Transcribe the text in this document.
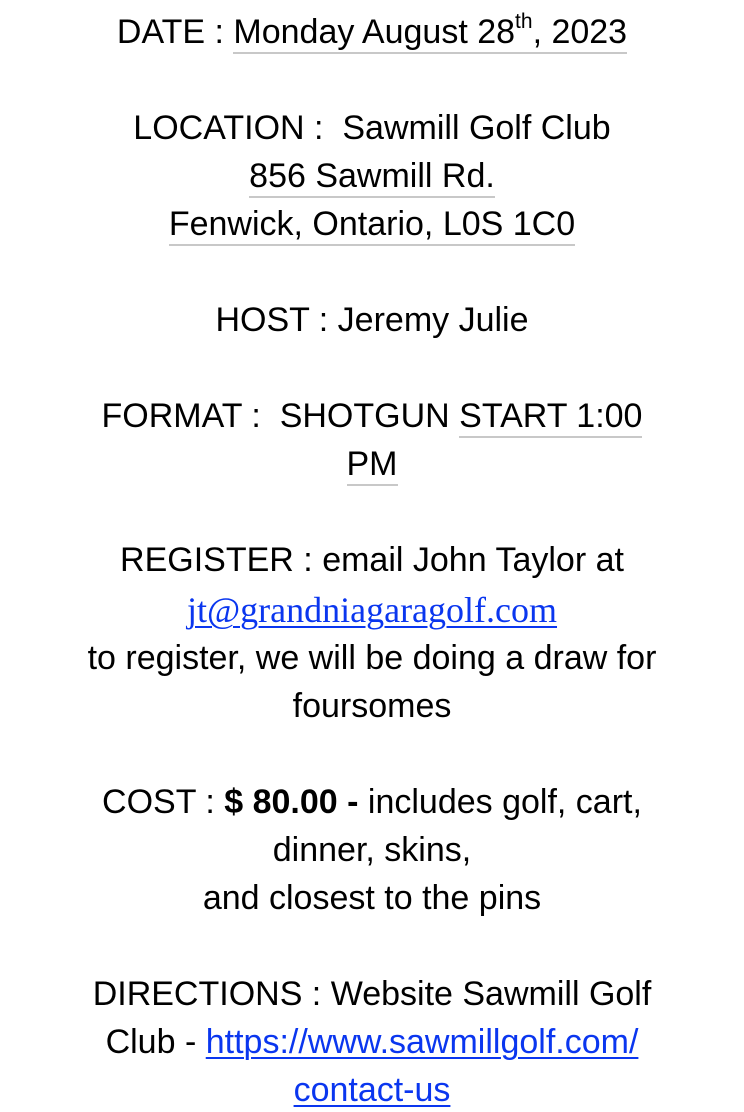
DATE : Monday August 28th, 2023
LOCATION : Sawmill Golf Club
856 Sawmill Rd.
Fenwick, Ontario, L0S 1C0
HOST : Jeremy Julie
FORMAT : SHOTGUN START 1:00
PM
REGISTER : email John Taylor at
jt@grandniagaragolf.com
to register, we will be doing a draw for
foursomes
COST : $ 80.00 - includes golf, cart,
dinner, skins,
and closest to the pins
DIRECTIONS : Website Sawmill Golf
Club - https://www.sawmillgolf.com/
contact-us
